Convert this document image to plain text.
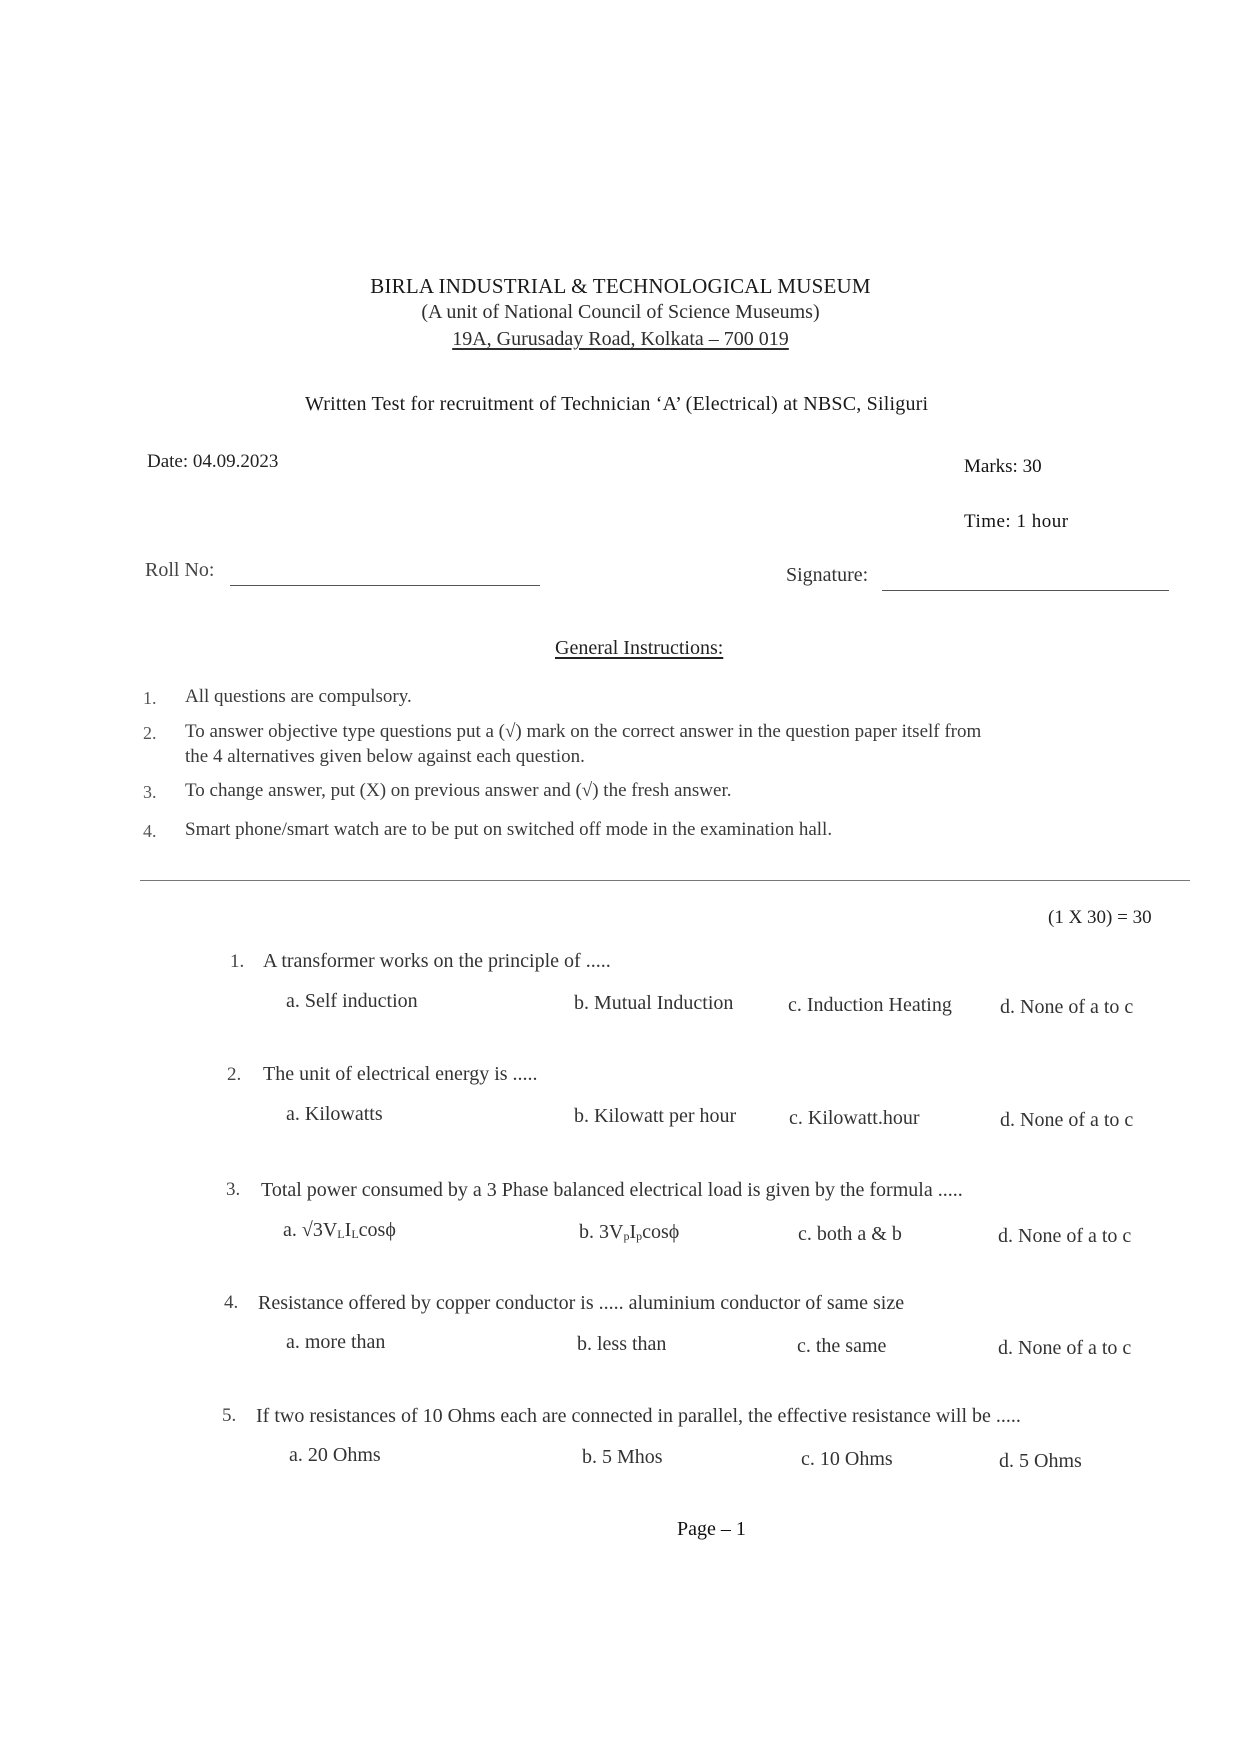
BIRLA INDUSTRIAL & TECHNOLOGICAL MUSEUM
(A unit of National Council of Science Museums)
19A, Gurusaday Road, Kolkata – 700 019
Written Test for recruitment of Technician ‘A’ (Electrical) at NBSC, Siliguri
Date: 04.09.2023	Marks: 30
Time: 1 hour
Roll No:	Signature:
General Instructions:
1. All questions are compulsory.
2. To answer objective type questions put a (√) mark on the correct answer in the question paper itself from
the 4 alternatives given below against each question.
3. To change answer, put (X) on previous answer and (√) the fresh answer.
4. Smart phone/smart watch are to be put on switched off mode in the examination hall.
(1 X 30) = 30
1. A transformer works on the principle of .....
a. Self induction	b. Mutual Induction	c. Induction Heating d. None of a to c
2. The unit of electrical energy is .....
a. Kilowatts	b. Kilowatt per hour	c. Kilowatt.hour	d. None of a to c
3. Total power consumed by a 3 Phase balanced electrical load is given by the formula .....
a. $√3V_LI_L\cos\phi$	b. $3V_pI_p\cos\phi$	c. both a & b	d. None of a to c
4. Resistance offered by copper conductor is ..... aluminium conductor of same size
a. more than	b. less than	c. the same	d. None of a to c
5. If two resistances of 10 Ohms each are connected in parallel, the effective resistance will be .....
a. 20 Ohms	b. 5 Mhos	c. 10 Ohms	d. 5 Ohms
Page – 1
